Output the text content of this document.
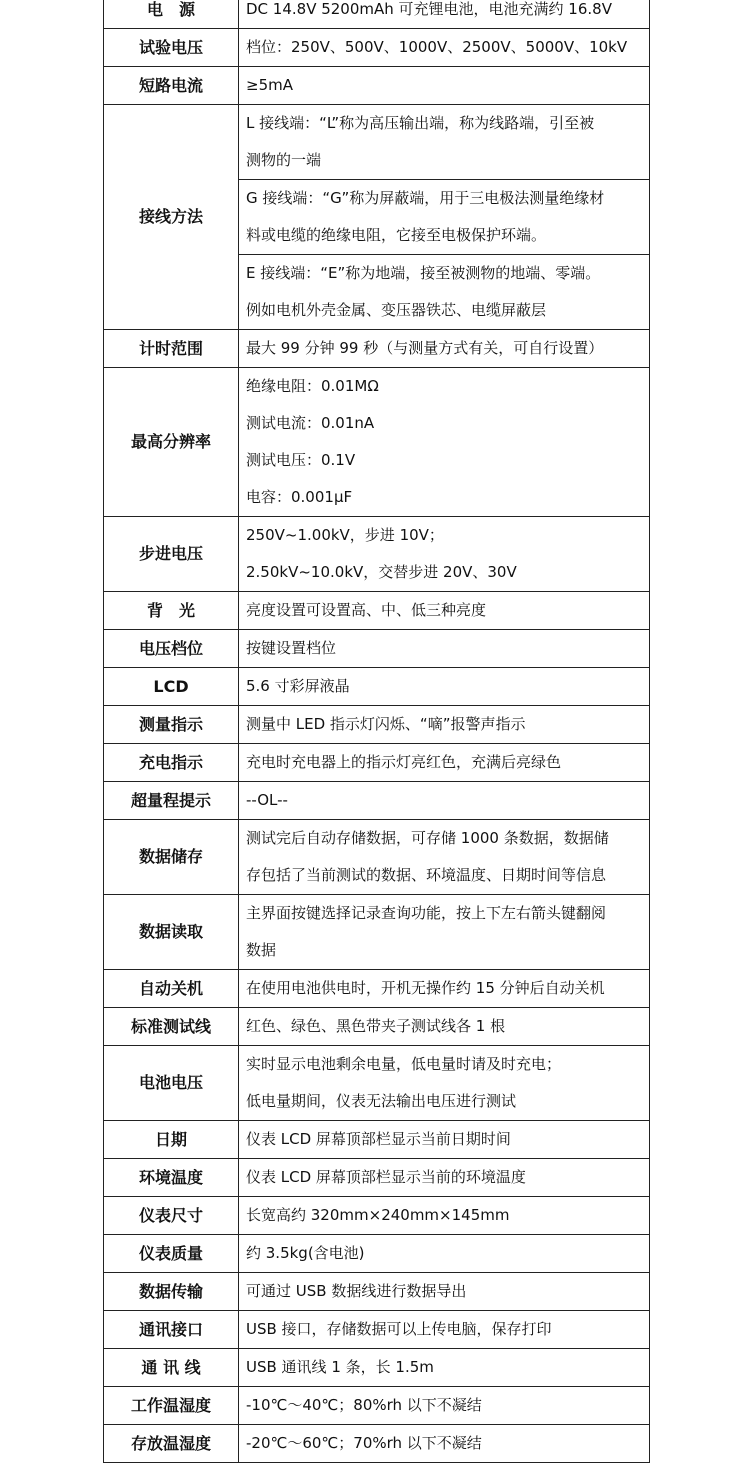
电　源	DC 14.8V 5200mAh 可充锂电池，电池充满约 16.8V

试验电压	档位：250V、500V、1000V、2500V、5000V、10kV

短路电流	≥5mA

接线方法	L 接线端：“L”称为高压输出端，称为线路端，引至被
测物的一端

	G 接线端：“G”称为屏蔽端，用于三电极法测量绝缘材
料或电缆的绝缘电阻，它接至电极保护环端。

	E 接线端：“E”称为地端，接至被测物的地端、零端。
例如电机外壳金属、变压器铁芯、电缆屏蔽层

计时范围	最大 99 分钟 99 秒（与测量方式有关，可自行设置）

最高分辨率	绝缘电阻：0.01MΩ
测试电流：0.01nA
测试电压：0.1V
电容：0.001μF

步进电压	250V~1.00kV，步进 10V；
2.50kV~10.0kV，交替步进 20V、30V

背　光	亮度设置可设置高、中、低三种亮度

电压档位	按键设置档位

LCD	5.6 寸彩屏液晶

测量指示	测量中 LED 指示灯闪烁、“嘀”报警声指示

充电指示	充电时充电器上的指示灯亮红色，充满后亮绿色

超量程提示	--OL--

数据储存	测试完后自动存储数据，可存储 1000 条数据，数据储
存包括了当前测试的数据、环境温度、日期时间等信息

数据读取	主界面按键选择记录查询功能，按上下左右箭头键翻阅
数据

自动关机	在使用电池供电时，开机无操作约 15 分钟后自动关机

标准测试线	红色、绿色、黑色带夹子测试线各 1 根

电池电压	实时显示电池剩余电量，低电量时请及时充电；
低电量期间，仪表无法输出电压进行测试

日期	仪表 LCD 屏幕顶部栏显示当前日期时间

环境温度	仪表 LCD 屏幕顶部栏显示当前的环境温度

仪表尺寸	长宽高约 320mm×240mm×145mm

仪表质量	约 3.5kg(含电池)

数据传输	可通过 USB 数据线进行数据导出

通讯接口	USB 接口，存储数据可以上传电脑，保存打印

通 讯 线	USB 通讯线 1 条，长 1.5m

工作温湿度	-10℃～40℃；80%rh 以下不凝结

存放温湿度	-20℃～60℃；70%rh 以下不凝结
